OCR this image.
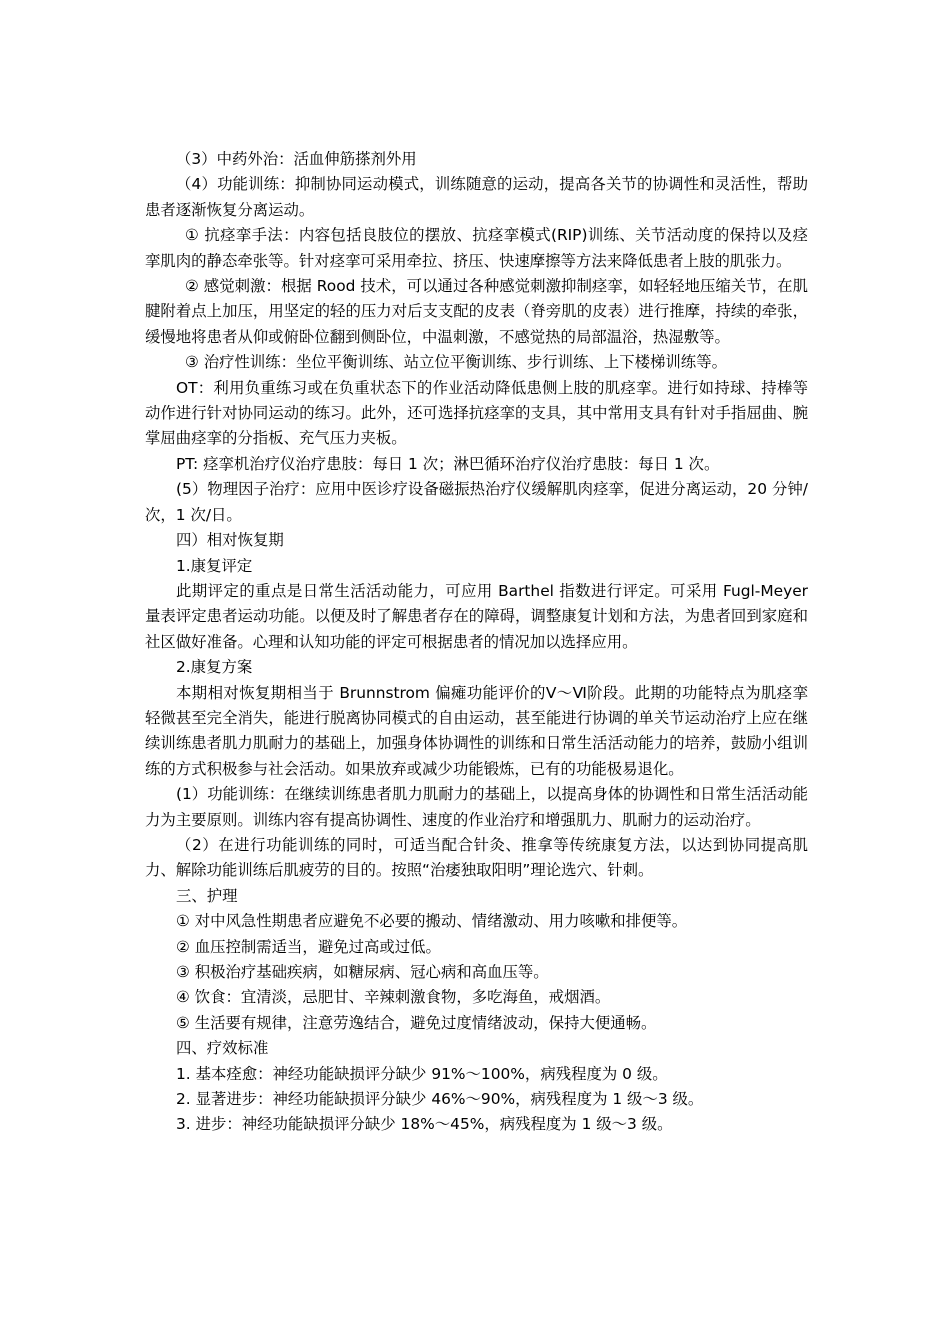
（3）中药外治：活血伸筋搽剂外用

（4）功能训练：抑制协同运动模式，训练随意的运动，提高各关节的协调性和灵活性，帮助患者逐渐恢复分离运动。

① 抗痉挛手法：内容包括良肢位的摆放、抗痉挛模式(RIP)训练、关节活动度的保持以及痉挛肌肉的静态牵张等。针对痉挛可采用牵拉、挤压、快速摩擦等方法来降低患者上肢的肌张力。

② 感觉刺激：根据 Rood 技术，可以通过各种感觉刺激抑制痉挛，如轻轻地压缩关节，在肌腱附着点上加压，用坚定的轻的压力对后支支配的皮表（脊旁肌的皮表）进行推摩，持续的牵张，缓慢地将患者从仰或俯卧位翻到侧卧位，中温刺激，不感觉热的局部温浴，热湿敷等。

③ 治疗性训练：坐位平衡训练、站立位平衡训练、步行训练、上下楼梯训练等。

OT：利用负重练习或在负重状态下的作业活动降低患侧上肢的肌痉挛。进行如持球、持棒等动作进行针对协同运动的练习。此外，还可选择抗痉挛的支具，其中常用支具有针对手指屈曲、腕掌屈曲痉挛的分指板、充气压力夹板。

PT: 痉挛机治疗仪治疗患肢：每日 1 次；淋巴循环治疗仪治疗患肢：每日 1 次。

(5）物理因子治疗：应用中医诊疗设备磁振热治疗仪缓解肌肉痉挛，促进分离运动，20 分钟/次，1 次/日。

四）相对恢复期

1.康复评定

此期评定的重点是日常生活活动能力，可应用 Barthel 指数进行评定。可采用 Fugl-Meyer 量表评定患者运动功能。以便及时了解患者存在的障碍，调整康复计划和方法，为患者回到家庭和社区做好准备。心理和认知功能的评定可根据患者的情况加以选择应用。

2.康复方案

本期相对恢复期相当于 Brunnstrom 偏瘫功能评价的Ⅴ～Ⅵ阶段。此期的功能特点为肌痉挛轻微甚至完全消失，能进行脱离协同模式的自由运动，甚至能进行协调的单关节运动治疗上应在继续训练患者肌力肌耐力的基础上，加强身体协调性的训练和日常生活活动能力的培养，鼓励小组训练的方式积极参与社会活动。如果放弃或减少功能锻炼，已有的功能极易退化。

(1）功能训练：在继续训练患者肌力肌耐力的基础上，以提高身体的协调性和日常生活活动能力为主要原则。训练内容有提高协调性、速度的作业治疗和增强肌力、肌耐力的运动治疗。

（2）在进行功能训练的同时，可适当配合针灸、推拿等传统康复方法，以达到协同提高肌力、解除功能训练后肌疲劳的目的。按照“治痿独取阳明”理论选穴、针刺。

三、护理

① 对中风急性期患者应避免不必要的搬动、情绪激动、用力咳嗽和排便等。

② 血压控制需适当，避免过高或过低。

③ 积极治疗基础疾病，如糖尿病、冠心病和高血压等。

④ 饮食：宜清淡，忌肥甘、辛辣刺激食物，多吃海鱼，戒烟酒。

⑤ 生活要有规律，注意劳逸结合，避免过度情绪波动，保持大便通畅。

四、疗效标准

1. 基本痊愈：神经功能缺损评分缺少 91%～100%，病残程度为 0 级。

2. 显著进步：神经功能缺损评分缺少 46%～90%，病残程度为 1 级～3 级。

3. 进步：神经功能缺损评分缺少 18%～45%，病残程度为 1 级～3 级。
